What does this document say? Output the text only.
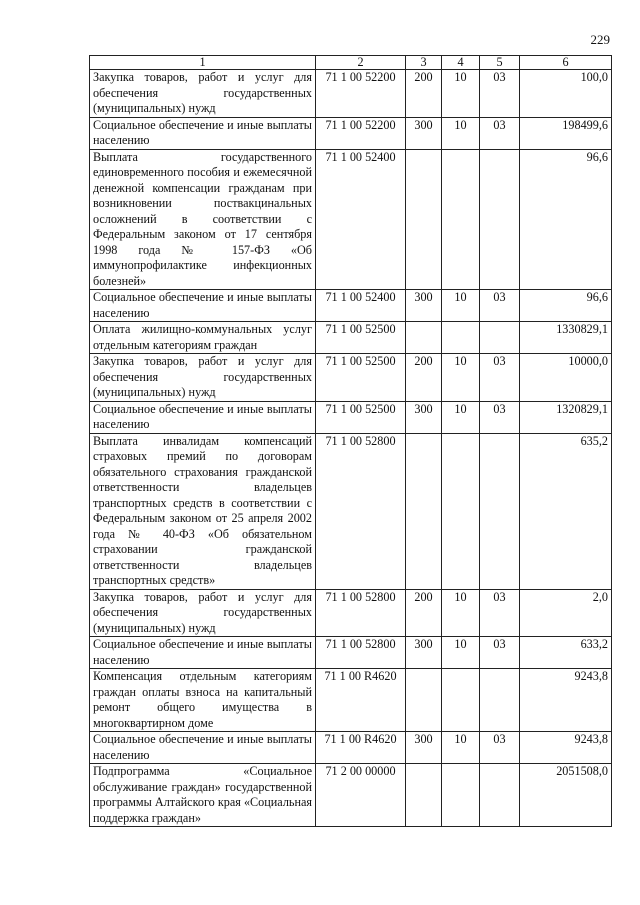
229
1	2	3	4	5	6
Закупка товаров, работ и услуг для обеспечения государственных (муниципальных) нужд	71 1 00 52200	200	10	03	100,0
Социальное обеспечение и иные выплаты населению	71 1 00 52200	300	10	03	198499,6
Выплата государственного единовременного пособия и ежемесячной денежной компенсации гражданам при возникновении поствакцинальных осложнений в соответствии с Федеральным законом от 17 сентября 1998 года № 157-ФЗ «Об иммунопрофилактике инфекционных болезней»	71 1 00 52400				96,6
Социальное обеспечение и иные выплаты населению	71 1 00 52400	300	10	03	96,6
Оплата жилищно-коммунальных услуг отдельным категориям граждан	71 1 00 52500				1330829,1
Закупка товаров, работ и услуг для обеспечения государственных (муниципальных) нужд	71 1 00 52500	200	10	03	10000,0
Социальное обеспечение и иные выплаты населению	71 1 00 52500	300	10	03	1320829,1
Выплата инвалидам компенсаций страховых премий по договорам обязательного страхования гражданской ответственности владельцев транспортных средств в соответствии с Федеральным законом от 25 апреля 2002 года № 40-ФЗ «Об обязательном страховании гражданской ответственности владельцев транспортных средств»	71 1 00 52800				635,2
Закупка товаров, работ и услуг для обеспечения государственных (муниципальных) нужд	71 1 00 52800	200	10	03	2,0
Социальное обеспечение и иные выплаты населению	71 1 00 52800	300	10	03	633,2
Компенсация отдельным категориям граждан оплаты взноса на капитальный ремонт общего имущества в многоквартирном доме	71 1 00 R4620				9243,8
Социальное обеспечение и иные выплаты населению	71 1 00 R4620	300	10	03	9243,8
Подпрограмма «Социальное обслуживание граждан» государственной программы Алтайского края «Социальная поддержка граждан»	71 2 00 00000				2051508,0
